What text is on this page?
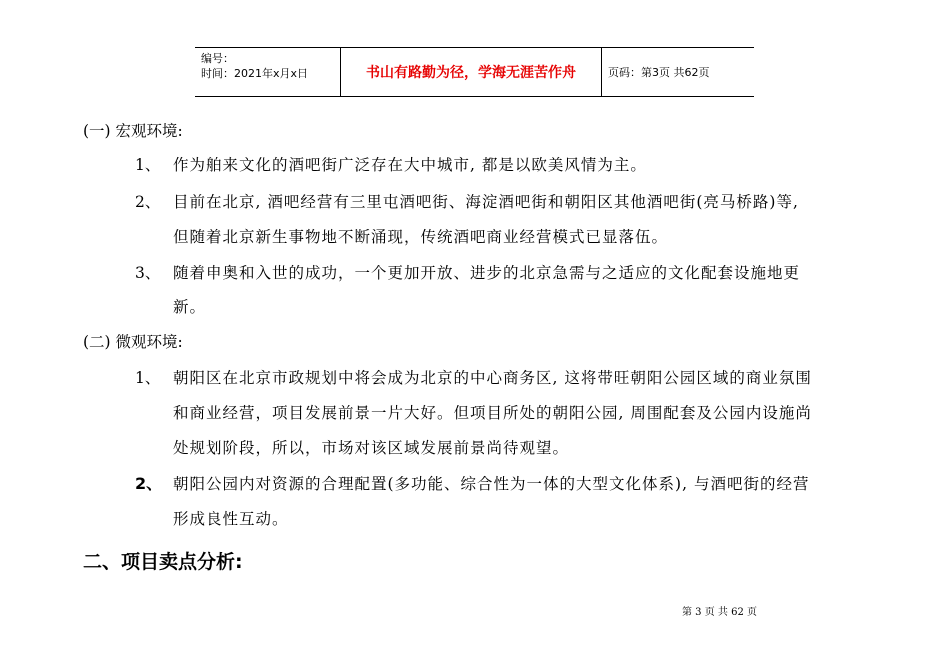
编号：
时间：2021年x月x日	书山有路勤为径，学海无涯苦作舟	页码：第3页 共62页
(一) 宏观环境:
1、 作为舶来文化的酒吧街广泛存在大中城市, 都是以欧美风情为主。
2、 目前在北京, 酒吧经营有三里屯酒吧街、海淀酒吧街和朝阳区其他酒吧街(亮马桥路)等,
但随着北京新生事物地不断涌现，传统酒吧商业经营模式已显落伍。
3、 随着申奥和入世的成功，一个更加开放、进步的北京急需与之适应的文化配套设施地更
新。
(二) 微观环境:
1、 朝阳区在北京市政规划中将会成为北京的中心商务区, 这将带旺朝阳公园区域的商业氛围
和商业经营，项目发展前景一片大好。但项目所处的朝阳公园, 周围配套及公园内设施尚
处规划阶段，所以，市场对该区域发展前景尚待观望。
2、 朝阳公园内对资源的合理配置(多功能、综合性为一体的大型文化体系), 与酒吧街的经营
形成良性互动。
二、项目卖点分析:
第 3 页 共 62 页
